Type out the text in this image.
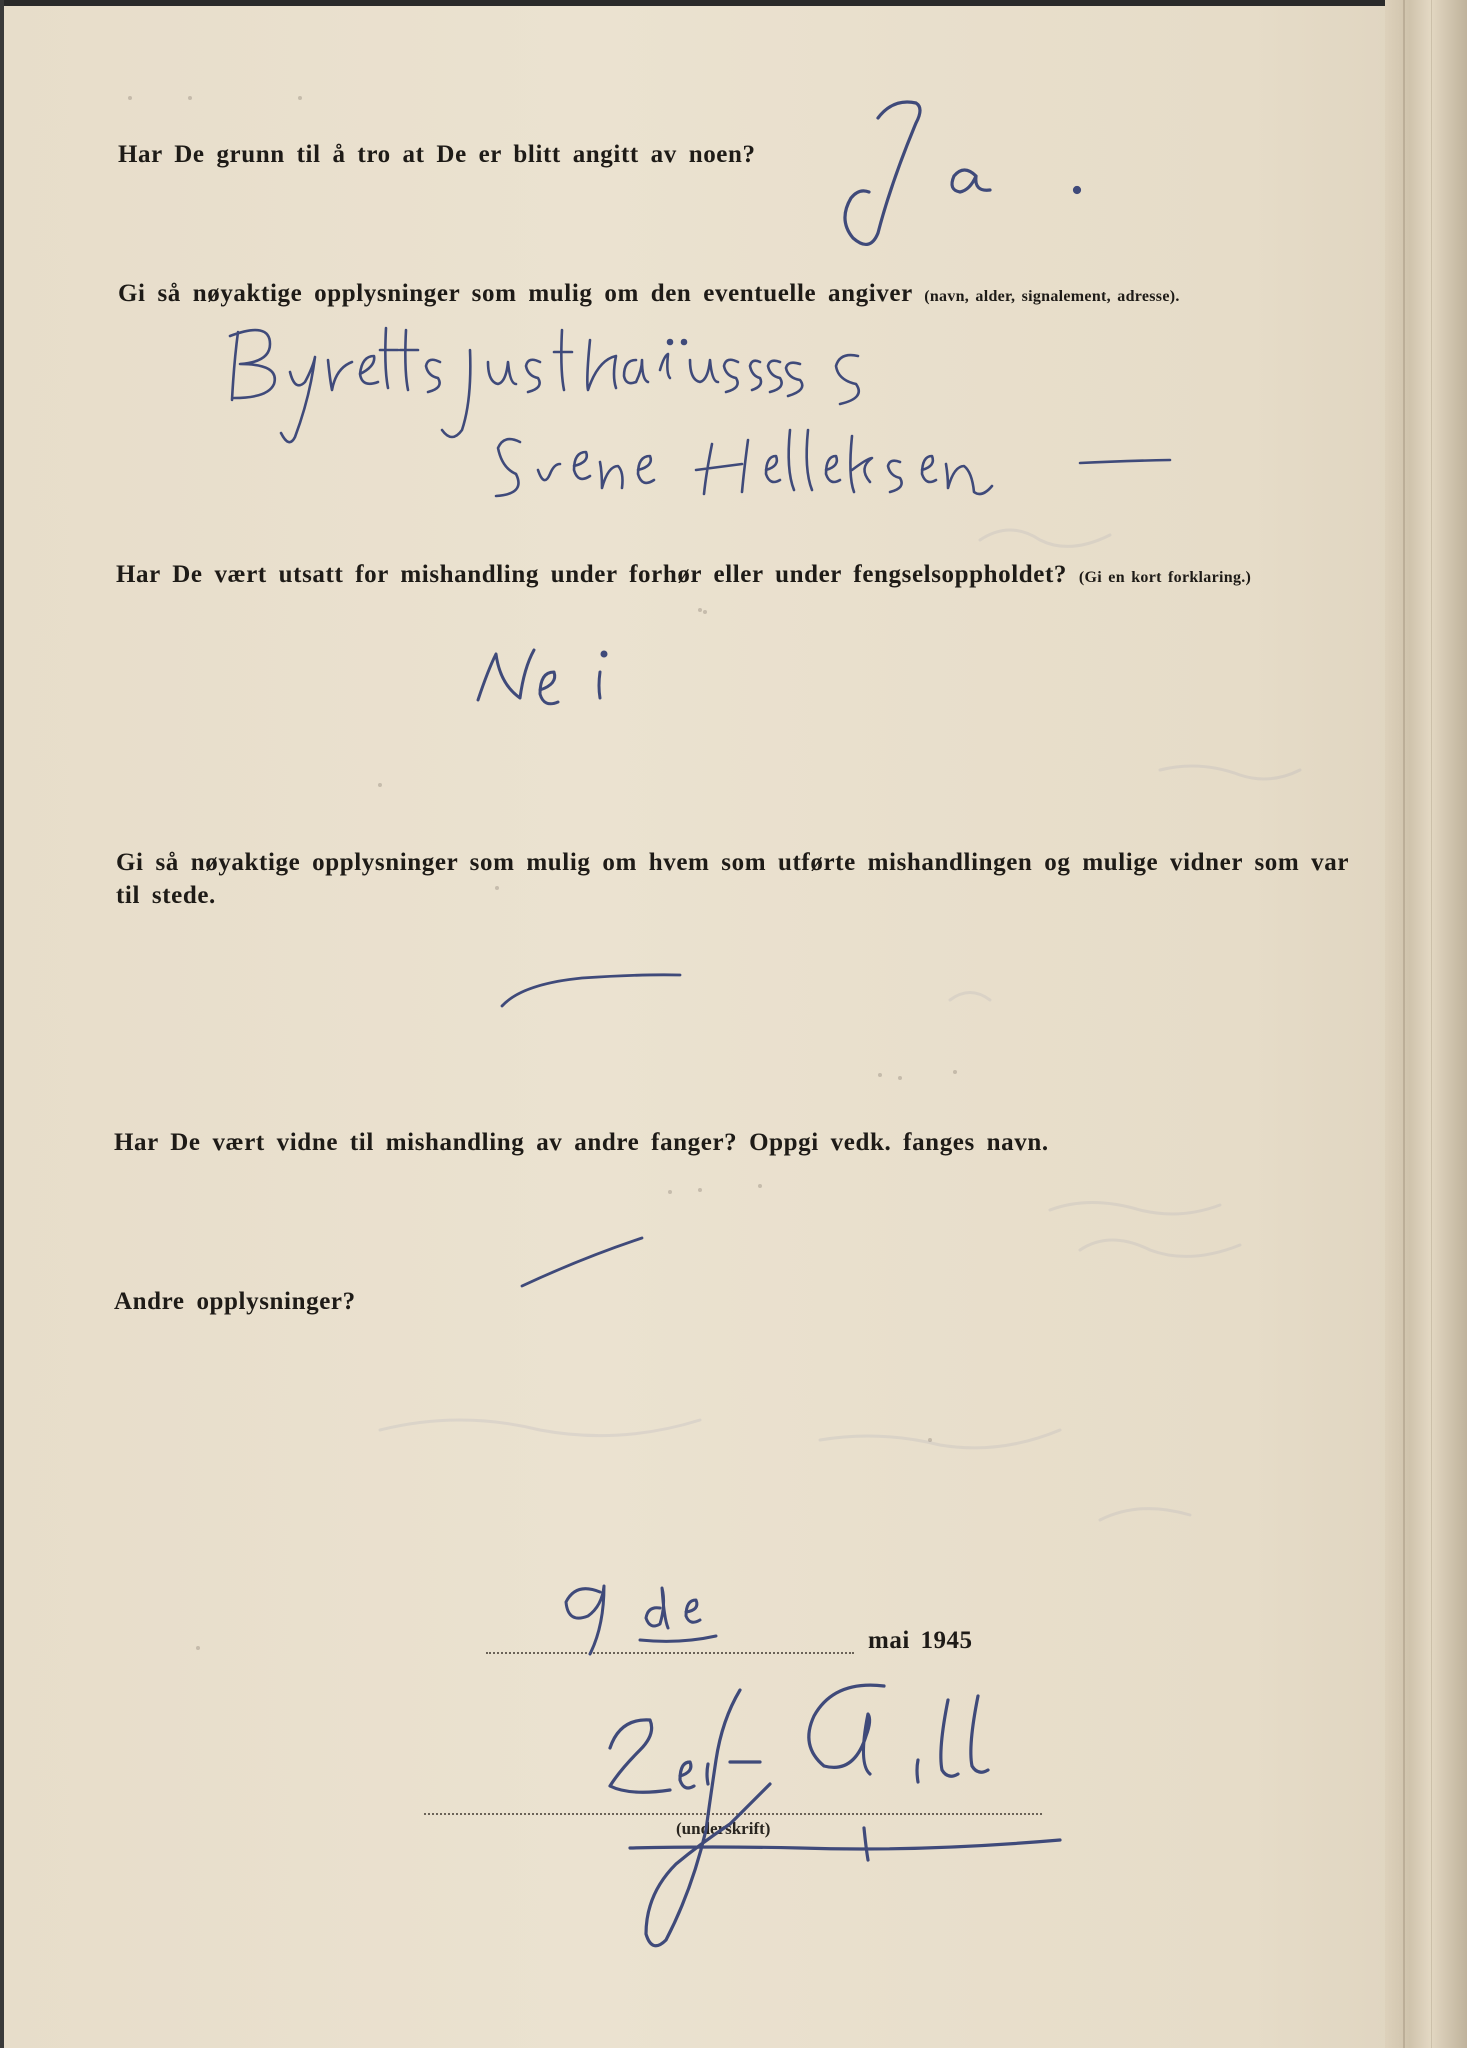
Har De grunn til å tro at De er blitt angitt av noen?

Gi så nøyaktige opplysninger som mulig om den eventuelle angiver (navn, alder, signalement, adresse).

Har De vært utsatt for mishandling under forhør eller under fengselsoppholdet? (Gi en kort forklaring.)

Gi så nøyaktige opplysninger som mulig om hvem som utførte mishandlingen og mulige vidner som var til stede.

Har De vært vidne til mishandling av andre fanger? Oppgi vedk. fanges navn.

Andre opplysninger?

mai 1945
(underskrift)
